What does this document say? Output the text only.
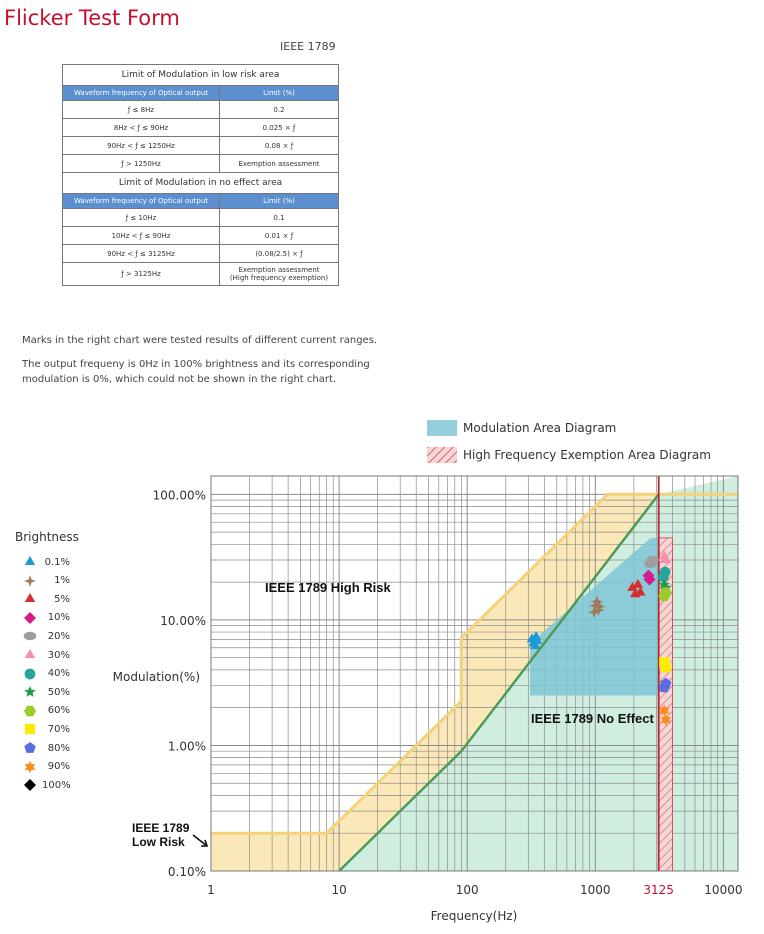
Flicker Test Form
IEEE 1789
Limit of Modulation in low risk area	
Waveform frequency of Optical output	Limit (%)
ƒ ≤ 8Hz	0.2
8Hz < ƒ ≤ 90Hz	0.025 × ƒ
90Hz < ƒ ≤ 1250Hz	0.08 × ƒ
ƒ > 1250Hz	Exemption assessment
Limit of Modulation in no effect area	
Waveform frequency of Optical output	Limit (%)
ƒ ≤ 10Hz	0.1
10Hz < ƒ ≤ 90Hz	0.01 × ƒ
90Hz < ƒ ≤ 3125Hz	(0.08/2.5) × ƒ
ƒ > 3125Hz	Exemption assessment
(High frequency exemption)
Marks in the right chart were tested results of different current ranges.
The output frequeny is 0Hz in 100% brightness and its corresponding
modulation is 0%, which could not be shown in the right chart.
Modulation Area Diagram
High Frequency Exemption Area Diagram
Brightness
0.1%
1%
5%
10%
20%
30%
40%
50%
60%
70%
80%
90%
100%
IEEE 1789 High Risk
IEEE 1789 No Effect
IEEE 1789
Low Risk
1	10	100	1000	3125	10000
0.10%
1.00%
10.00%
100.00%
Frequency(Hz)
Modulation(%)
